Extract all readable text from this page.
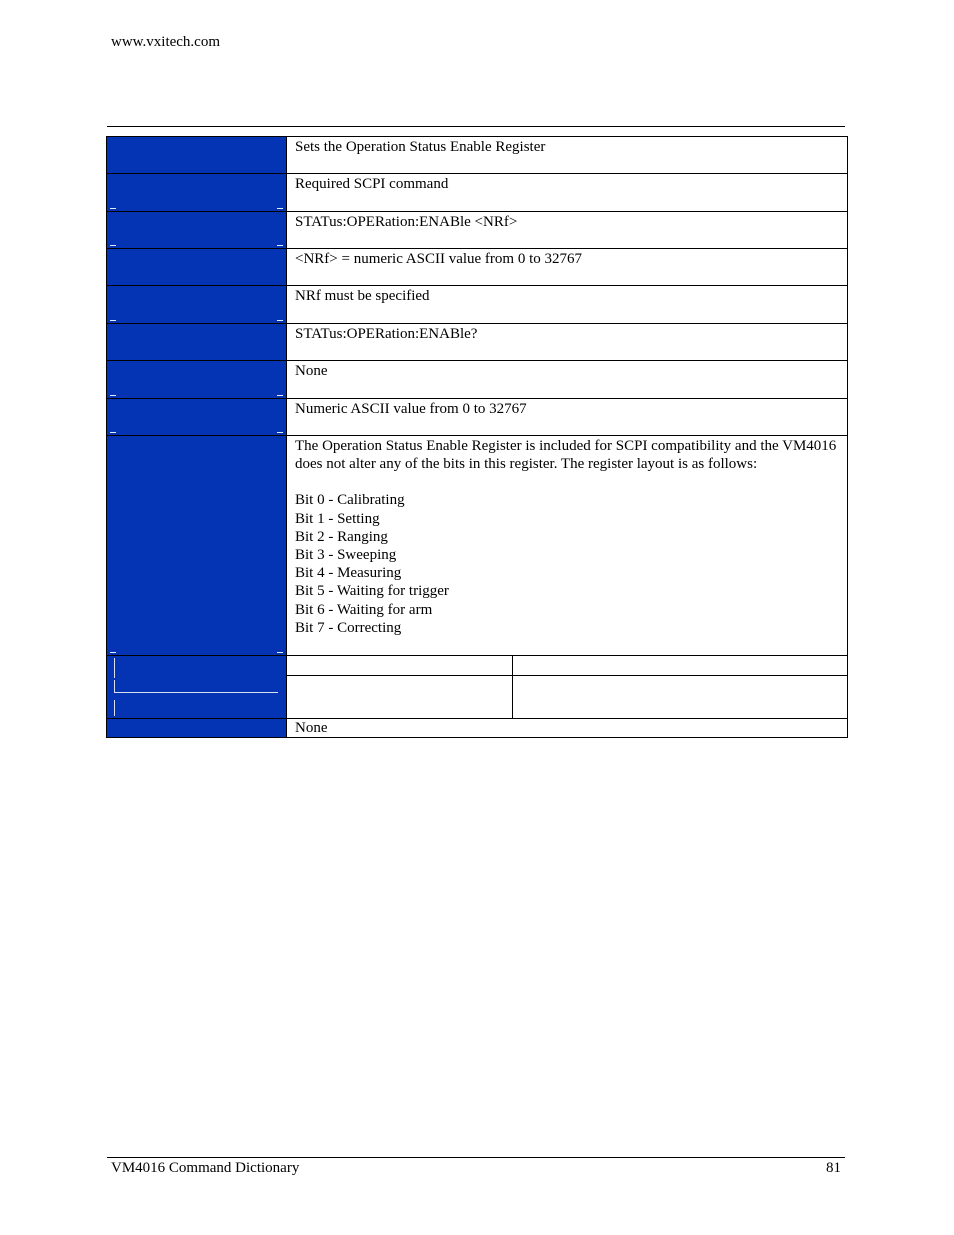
www.vxitech.com

Sets the Operation Status Enable Register

Required SCPI command

STATus:OPERation:ENABle <NRf>

<NRf> = numeric ASCII value from 0 to 32767

NRf must be specified

STATus:OPERation:ENABle?

None

Numeric ASCII value from 0 to 32767

The Operation Status Enable Register is included for SCPI compatibility and the VM4016 does not alter any of the bits in this register. The register layout is as follows:
Bit 0 - Calibrating
Bit 1 - Setting
Bit 2 - Ranging
Bit 3 - Sweeping
Bit 4 - Measuring
Bit 5 - Waiting for trigger
Bit 6 - Waiting for arm
Bit 7 - Correcting

None
VM4016 Command Dictionary	81
